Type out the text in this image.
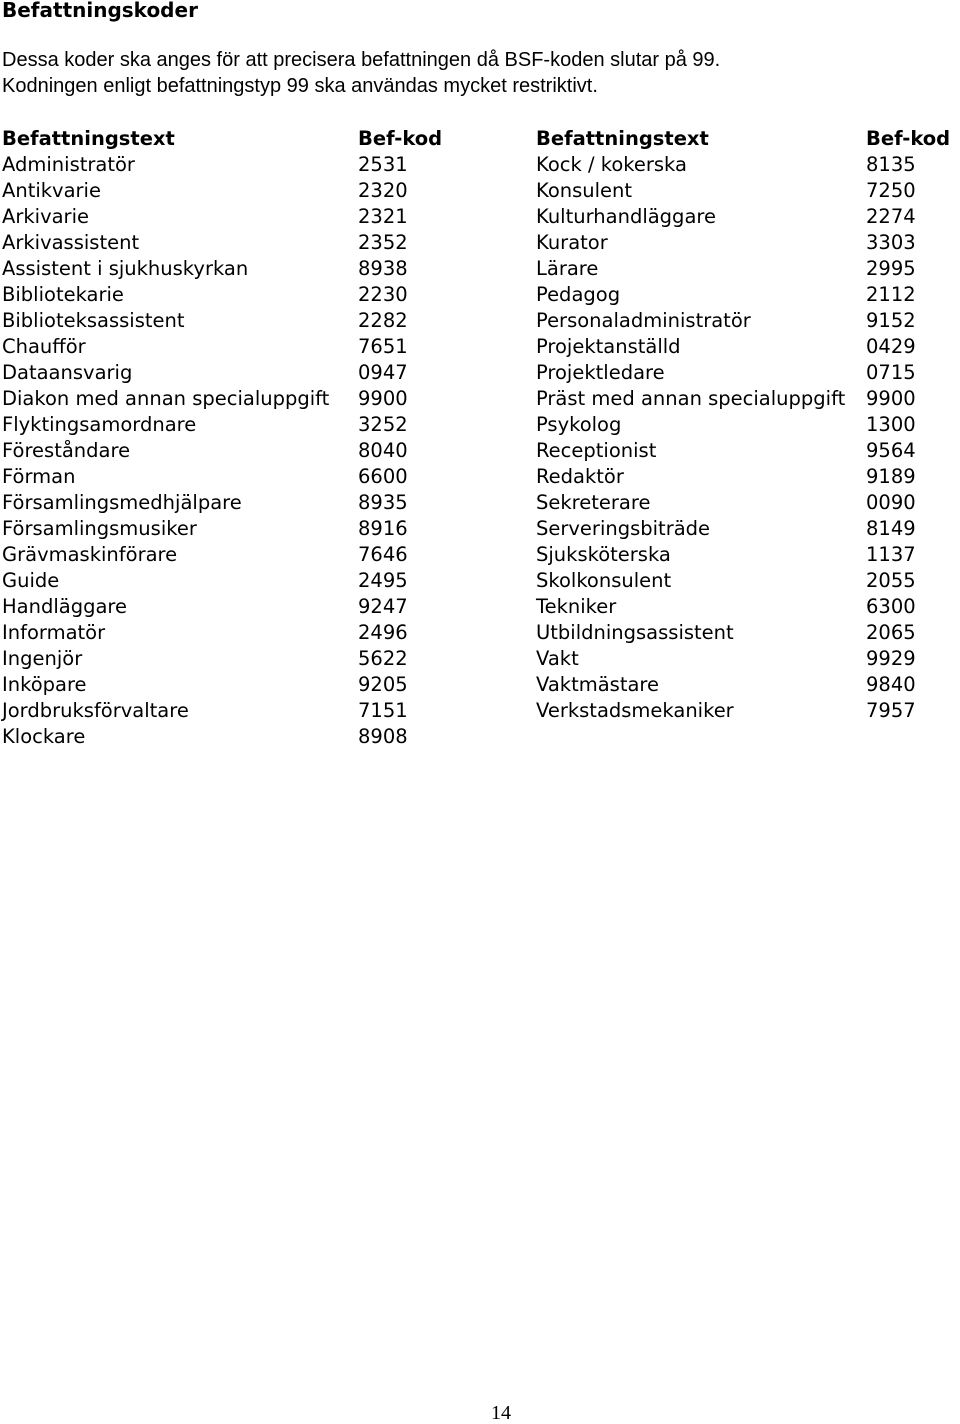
Befattningskoder

Dessa koder ska anges för att precisera befattningen då BSF-koden slutar på 99.

Kodningen enligt befattningstyp 99 ska användas mycket restriktivt.

Befattningstext	Bef-kod	Befattningstext	Bef-kod
Administratör	2531	Kock / kokerska	8135
Antikvarie	2320	Konsulent	7250
Arkivarie	2321	Kulturhandläggare	2274
Arkivassistent	2352	Kurator	3303
Assistent i sjukhuskyrkan	8938	Lärare	2995
Bibliotekarie	2230	Pedagog	2112
Biblioteksassistent	2282	Personaladministratör	9152
Chaufför	7651	Projektanställd	0429
Dataansvarig	0947	Projektledare	0715
Diakon med annan specialuppgift	9900	Präst med annan specialuppgift	9900
Flyktingsamordnare	3252	Psykolog	1300
Föreståndare	8040	Receptionist	9564
Förman	6600	Redaktör	9189
Församlingsmedhjälpare	8935	Sekreterare	0090
Församlingsmusiker	8916	Serveringsbiträde	8149
Grävmaskinförare	7646	Sjuksköterska	1137
Guide	2495	Skolkonsulent	2055
Handläggare	9247	Tekniker	6300
Informatör	2496	Utbildningsassistent	2065
Ingenjör	5622	Vakt	9929
Inköpare	9205	Vaktmästare	9840
Jordbruksförvaltare	7151	Verkstadsmekaniker	7957
Klockare	8908		
14
